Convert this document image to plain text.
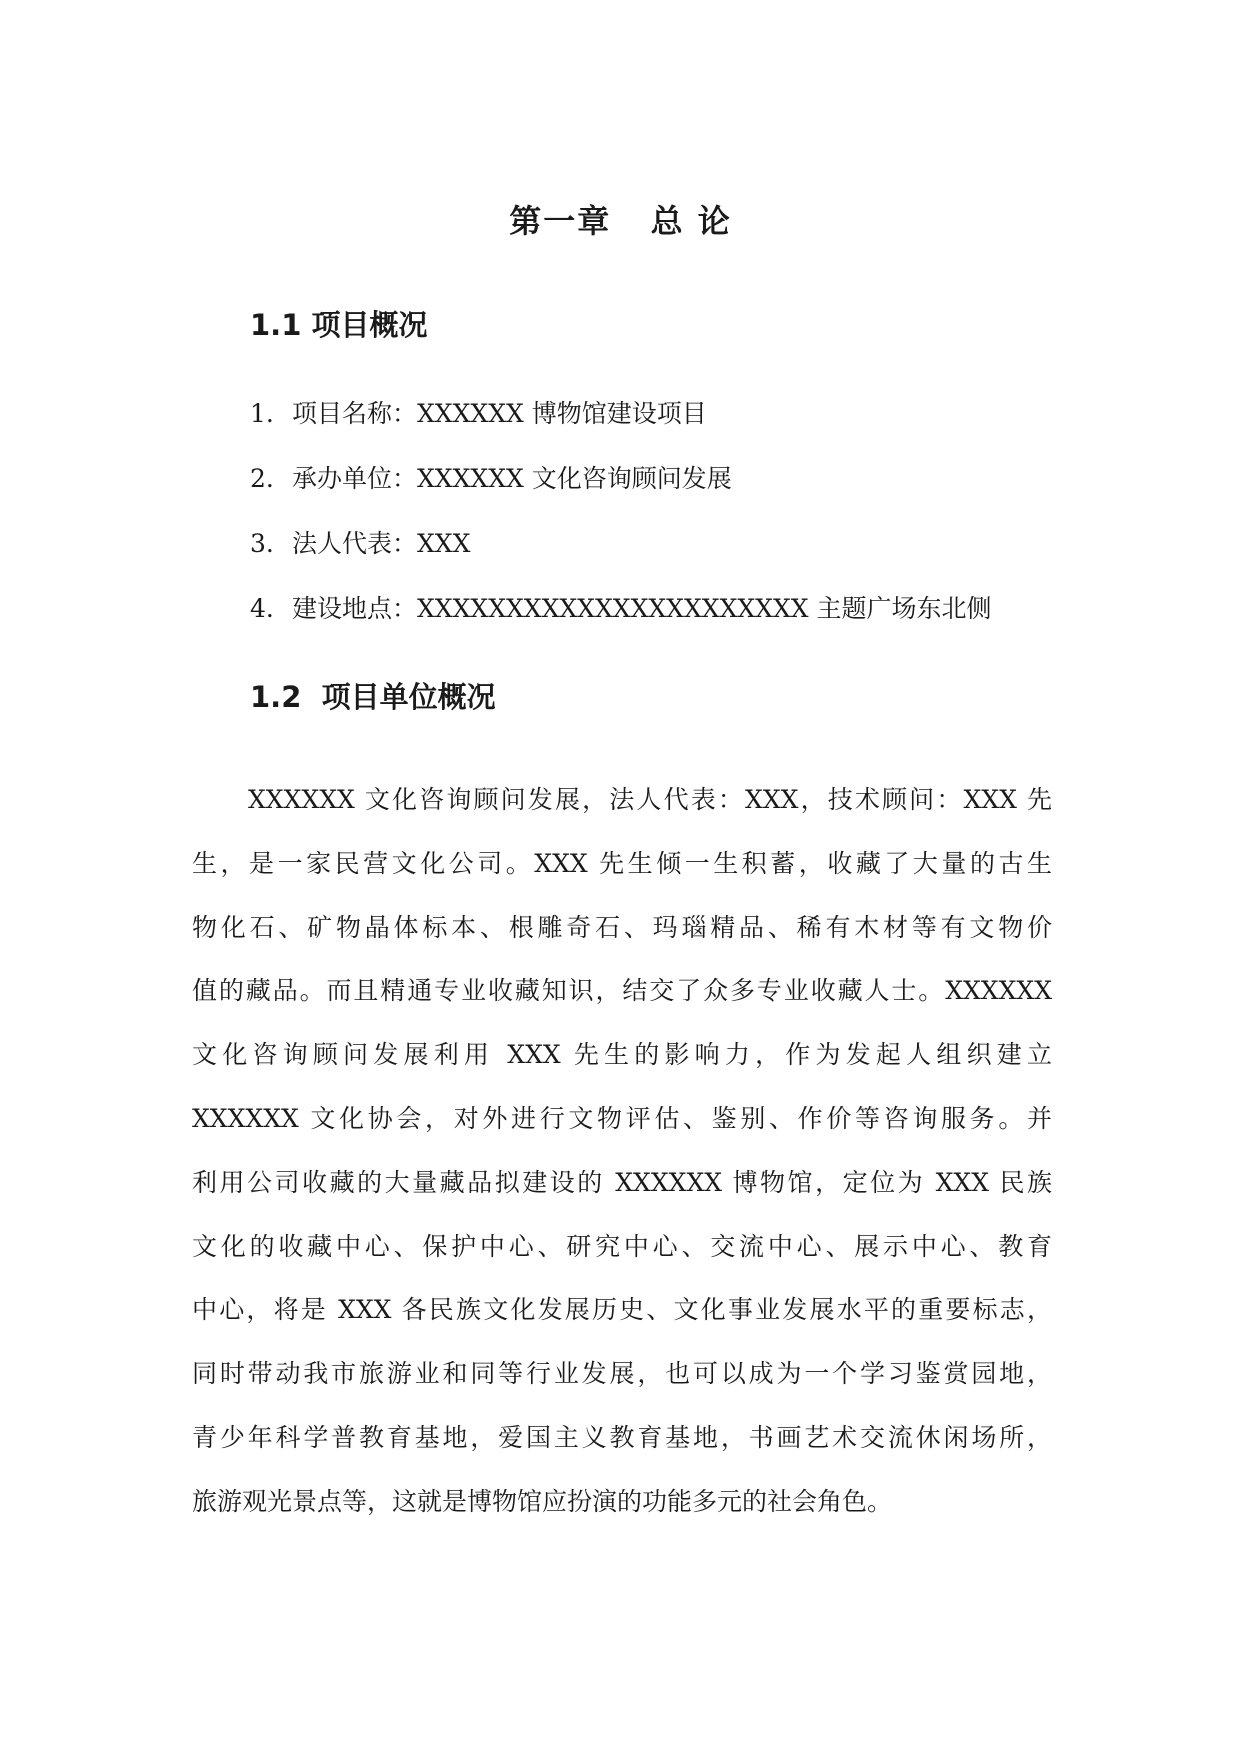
第一章   总 论
1.1 项目概况
1. 项目名称：XXXXXX 博物馆建设项目
2. 承办单位：XXXXXX 文化咨询顾问发展
3. 法人代表：XXX
4. 建设地点：XXXXXXXXXXXXXXXXXXXXXX 主题广场东北侧
1.2  项目单位概况

XXXXXX 文化咨询顾问发展，法人代表：XXX，技术顾问：XXX 先
生，是一家民营文化公司。XXX 先生倾一生积蓄，收藏了大量的古生
物化石、矿物晶体标本、根雕奇石、玛瑙精品、稀有木材等有文物价
值的藏品。而且精通专业收藏知识，结交了众多专业收藏人士。XXXXXX
文化咨询顾问发展利用 XXX 先生的影响力，作为发起人组织建立
XXXXXX 文化协会，对外进行文物评估、鉴别、作价等咨询服务。并
利用公司收藏的大量藏品拟建设的 XXXXXX 博物馆，定位为 XXX 民族
文化的收藏中心、保护中心、研究中心、交流中心、展示中心、教育
中心，将是 XXX 各民族文化发展历史、文化事业发展水平的重要标志，
同时带动我市旅游业和同等行业发展，也可以成为一个学习鉴赏园地，
青少年科学普教育基地，爱国主义教育基地，书画艺术交流休闲场所，
旅游观光景点等，这就是博物馆应扮演的功能多元的社会角色。
